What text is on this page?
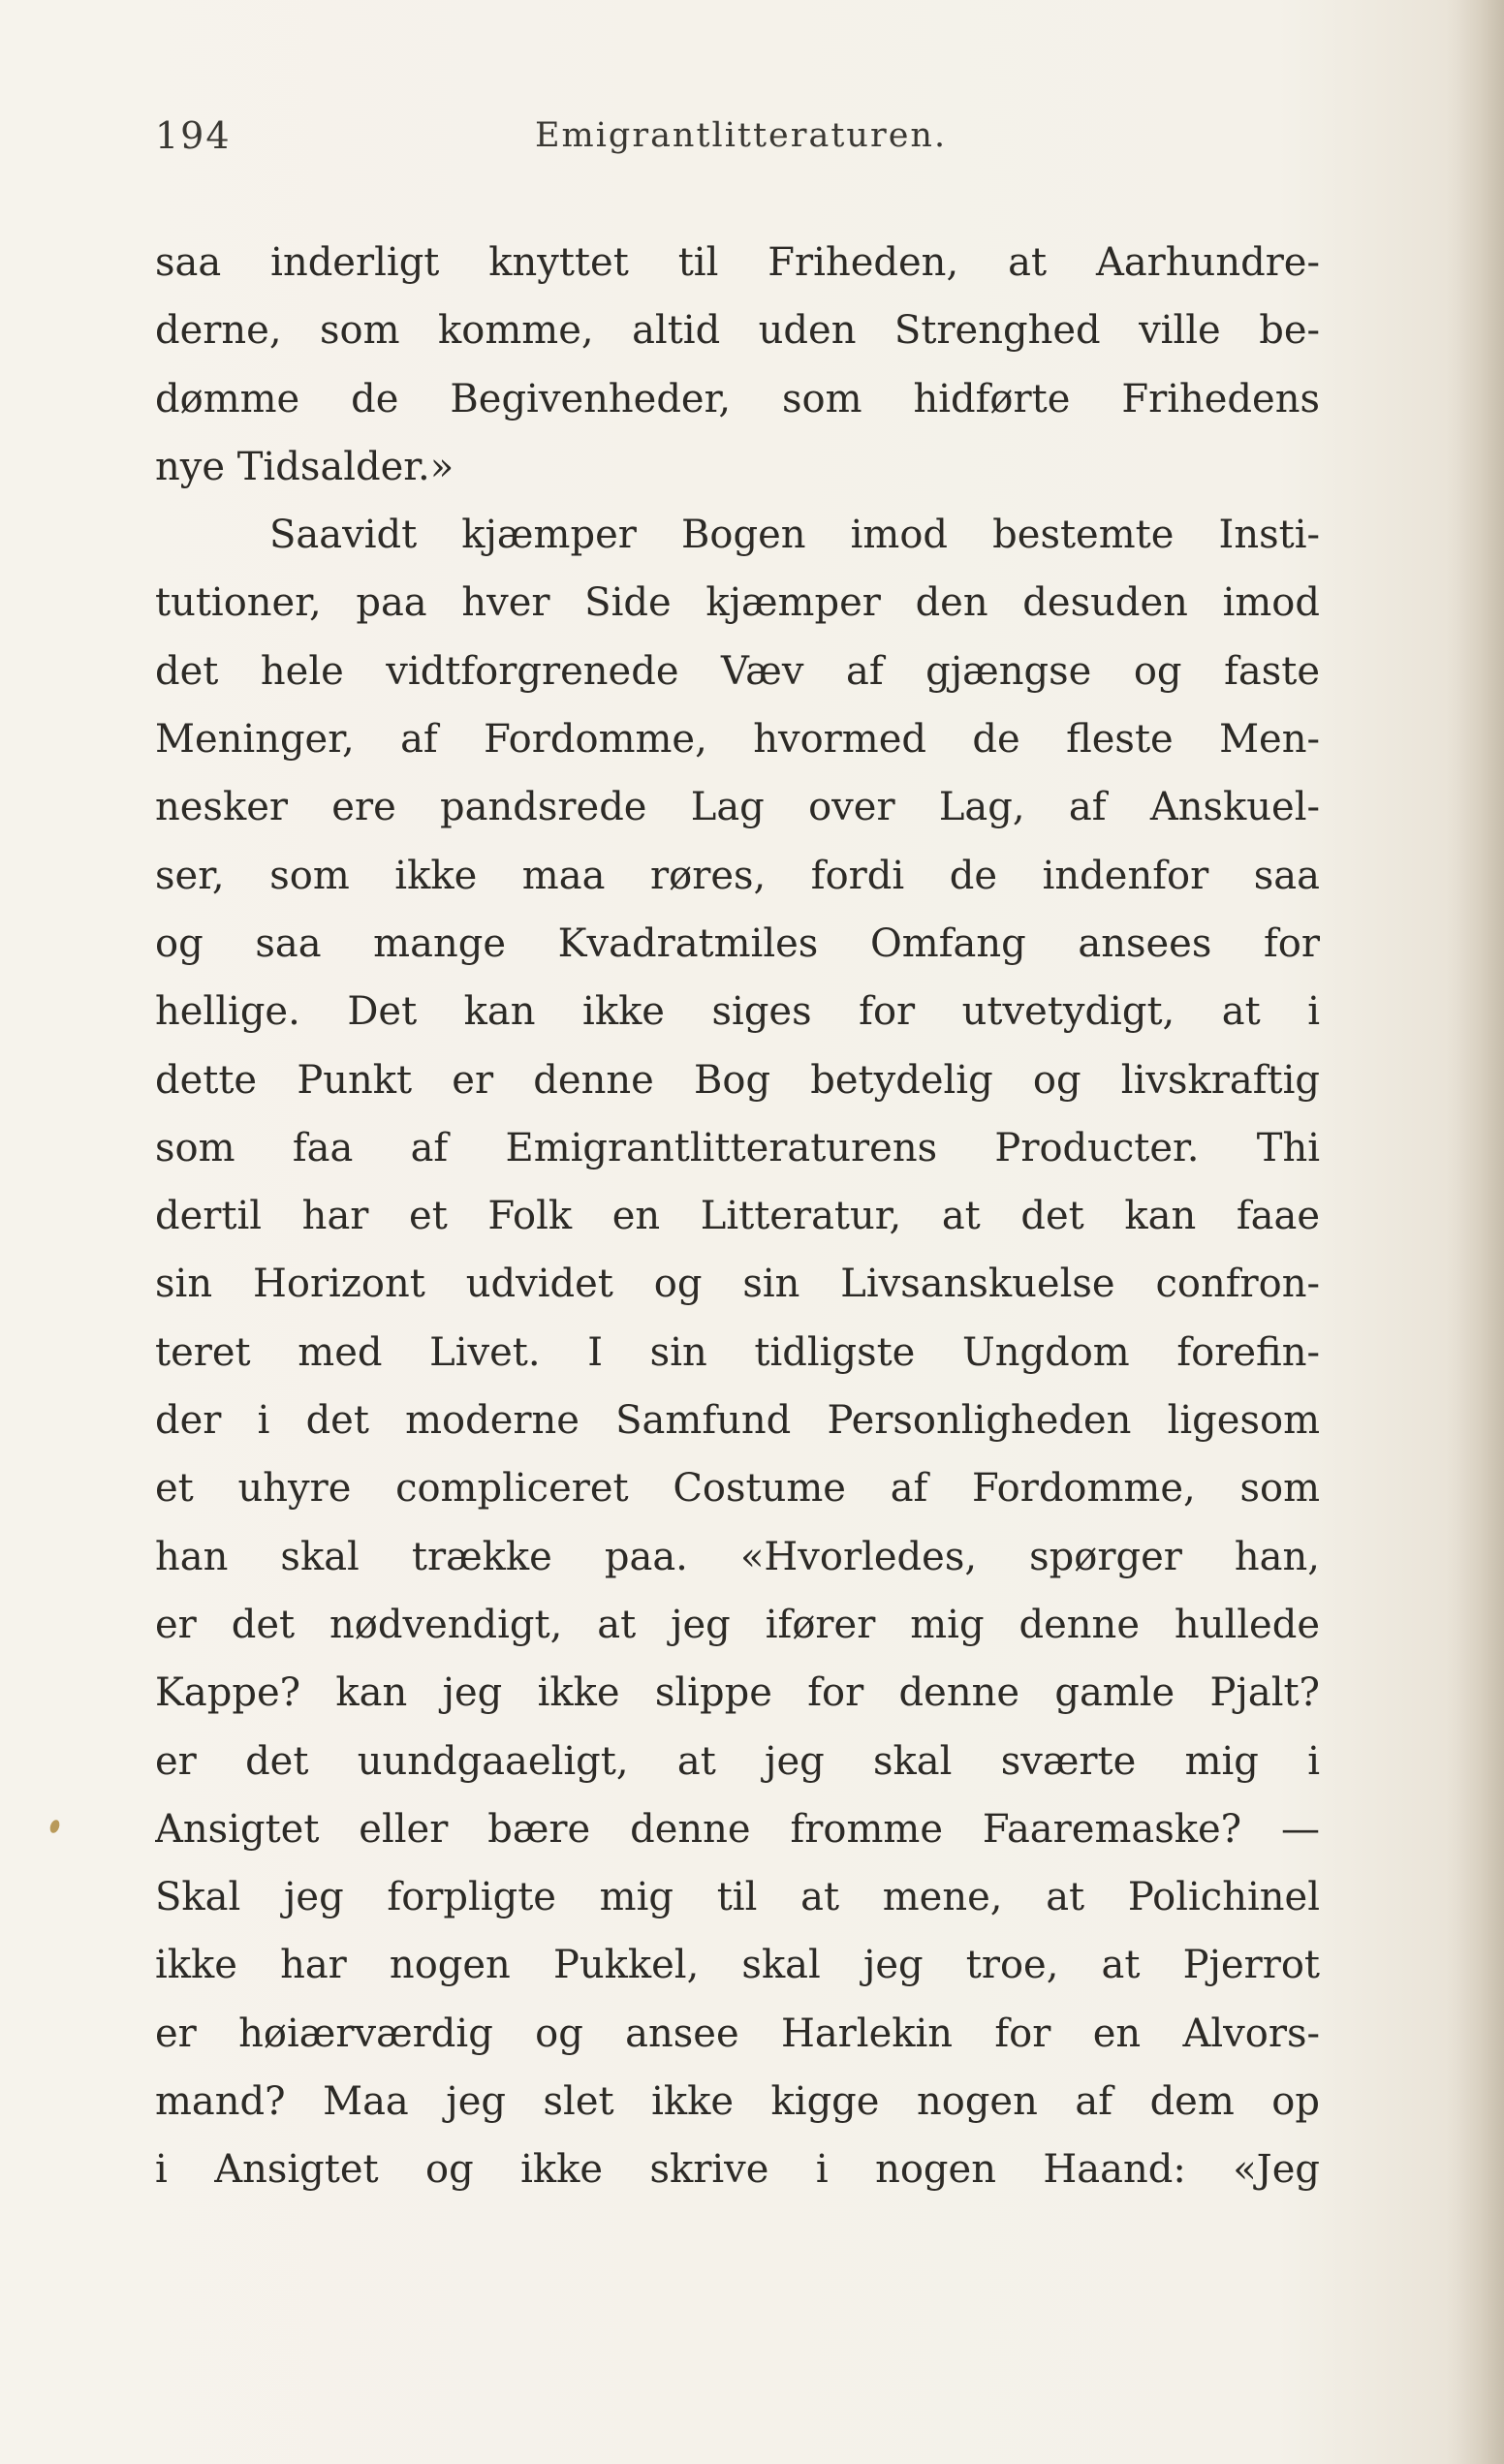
194	Emigrantlitteraturen.
saa inderligt knyttet til Friheden, at Aarhundre-
derne, som komme, altid uden Strenghed ville be-
dømme de Begivenheder, som hidførte Frihedens
nye Tidsalder.»
Saavidt kjæmper Bogen imod bestemte Insti-
tutioner, paa hver Side kjæmper den desuden imod
det hele vidtforgrenede Væv af gjængse og faste
Meninger, af Fordomme, hvormed de fleste Men-
nesker ere pandsrede Lag over Lag, af Anskuel-
ser, som ikke maa røres, fordi de indenfor saa
og saa mange Kvadratmiles Omfang ansees for
hellige. Det kan ikke siges for utvetydigt, at i
dette Punkt er denne Bog betydelig og livskraftig
som faa af Emigrantlitteraturens Producter. Thi
dertil har et Folk en Litteratur, at det kan faae
sin Horizont udvidet og sin Livsanskuelse confron-
teret med Livet. I sin tidligste Ungdom forefin-
der i det moderne Samfund Personligheden ligesom
et uhyre compliceret Costume af Fordomme, som
han skal trække paa. «Hvorledes, spørger han,
er det nødvendigt, at jeg ifører mig denne hullede
Kappe? kan jeg ikke slippe for denne gamle Pjalt?
er det uundgaaeligt, at jeg skal sværte mig i
Ansigtet eller bære denne fromme Faaremaske? —
Skal jeg forpligte mig til at mene, at Polichinel
ikke har nogen Pukkel, skal jeg troe, at Pjerrot
er høiærværdig og ansee Harlekin for en Alvors-
mand? Maa jeg slet ikke kigge nogen af dem op
i Ansigtet og ikke skrive i nogen Haand: «Jeg
